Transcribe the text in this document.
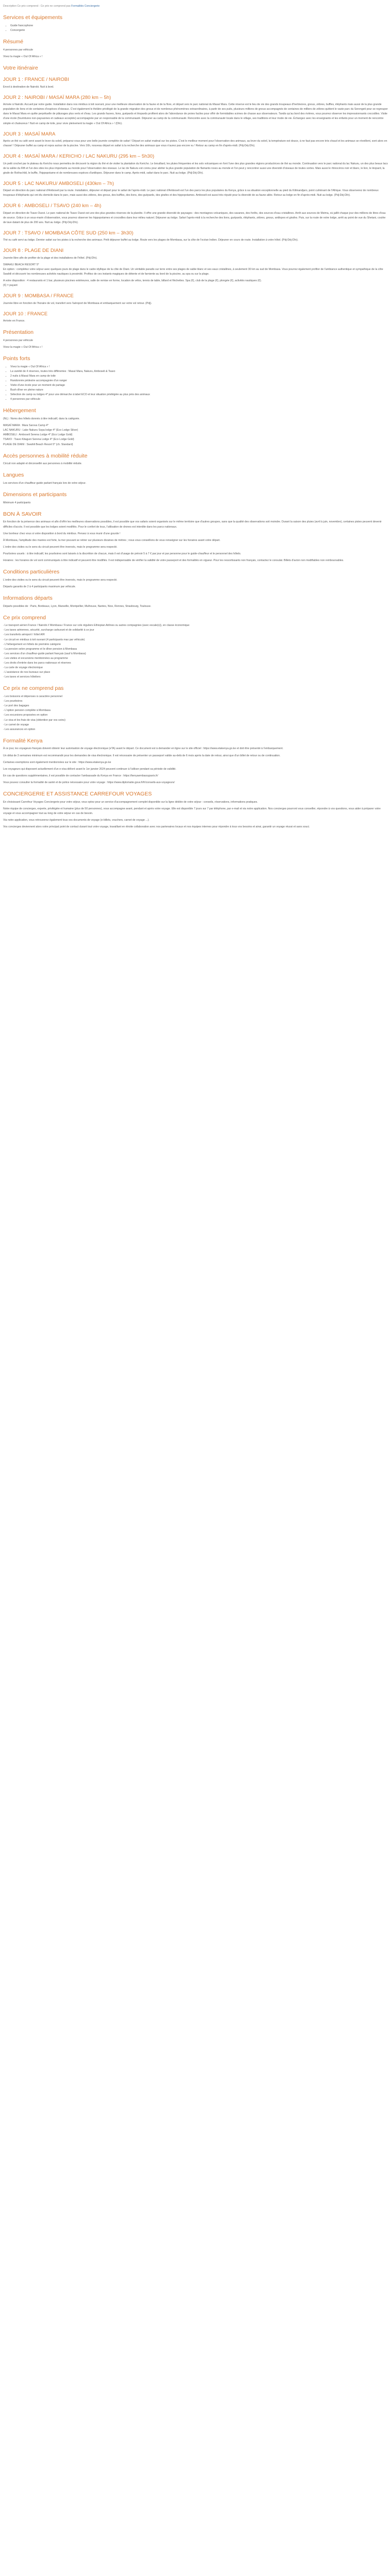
Description Ce prix comprend : Ce prix ne comprend pas Formalités Conciergerie
Services et équipements
• Guide francophone
• Concergerie
Résumé

4 personnes par véhicule

Vivez la magie « Out Of Africa » !

Votre itinéraire
JOUR 1 : FRANCE / NAIROBI

Envol à destination de Nairobi. Nuit à bord.

JOUR 2 : NAIROBI / MASAÏ MARA (280 km – 5h)

Arrivée à Nairobi. Accueil par notre guide. Installation dans nos minibus à toit ouvrant, pour une meilleure observation de la faune et de la flore, et départ vers le parc national du Masaï Mara. Cette réserve est le lieu de vie des grands troupeaux d'herbivores, gnous, zèbres, buffles, éléphants mais aussi de la plus grande population de lions et de centaines d'espèces d'oiseaux. C'est également le théâtre privilégié de la grande migration des gnous et de nombreux phénomènes extraordinaires, à partir de ses puits, plusieurs millions de gnous accompagnés de centaines de milliers de zèbres quittent le vaste parc du Serengeti pour se regrouper dans le Masaï Mara en quête perpétuelle de pâturages plus verts et d'eau. Les grands fauves, lions, guépards et léopards profitent alors de l'abondance de proies faciles pour offrir de formidables scènes de chasse aux observateurs. Tandis qu'au bord des rivières, vous pourrez observer les impressionnants crocodiles. Visite d'une école (fournitures non-paysannes et cadeaux acceptés) accompagnée par un responsable de la communauté. Déjeuner au camp de la communauté. Rencontre avec la communauté locale dans le village, ses traditions et leur mode de vie. Échangez avec les enseignants et les enfants pour un moment de rencontre simple et chaleureux ! Nuit en camp de toile, pour vivre pleinement la magie « Out Of Africa » ! (Dîn).

JOUR 3 : MASAÏ MARA

Après un thé ou café servi avant le lever du soleil, préparez-vous pour une belle journée complète de safari ! Départ en safari matinal sur les pistes. C'est le meilleur moment pour l'observation des animaux, au lever du soleil, la température est douce, à ne faut pas encore très chaud et les animaux se réveillent, sont alors en chasse! ! Déjeuner buffet au camp et repos autour de la piscine. Vers 16h, nouveau départ en safari à la recherche des animaux que vous n'aurez pas encore vu ! Retour au camp en fin d'après-midi. (Pdj-Déj-Dîn).

JOUR 4 : MASAÏ MARA / KERICHO / LAC NAKURU (295 km – 5h30)

Un petit crochet par le plateau du Kericho nous permettra de découvrir la région du thé et de visiter la plantation du Kericho. Le brouillard, les pluies fréquentes et les sols volcaniques en font l'une des plus grandes régions productrices de thé au monde. Continuation vers le parc national du lac Nakuru, un des plus beaux lacs de la vallée du Rift et l'un des sites les plus importants au monde pour l'observation des oiseaux. Le lac de Nakuru est connu pour abriter la plus grande population de flamants roses au monde et l'on peut y rencontrer aussi une diversité d'oiseaux de toutes sortes. Mais aussi le rhinocéros noir et blanc, le lion, le léopard, la girafe de Rothschild, le buffle, l'hippopotame et de nombreuses espèces d'antilopes. Déjeuner dans le camp. Après-midi, safari dans le parc. Nuit au lodge. (Pdj-Déj-Dîn).

JOUR 5 : LAC NAKURU/ AMBOSELI (430km – 7h)

Départ en direction du parc national d'Amboseli par la route. Installation, déjeuner et départ pour le safari de l'après-midi. Le parc national d'Amboseli est l'un des parcs les plus populaires du Kenya, grâce à sa situation exceptionnelle au pied du Kilimandjaro, point culminant de l'Afrique. Vous observerez de nombreux troupeaux d'éléphants qui ont élu domicile dans le parc, mais aussi des zèbres, des gnous, des buffles, des lions, des guépards, des girafes et des hippopotames. Amboseli est aussi très réputé pour la diversité de sa faune ailée. Retour au lodge en fin d'après-midi. Nuit au lodge. (Pdj-Déj-Dîn).

JOUR 6 : AMBOSELI / TSAVO (240 km – 4h)

Départ en direction de Tsavo Ouest. Le parc national de Tsavo Ouest est une des plus grandes réserves de la planète. Il offre une grande diversité de paysages : des montagnes volcaniques, des savanes, des forêts, des sources d'eau cristallines. Arrêt aux sources de Mzima, où jaillit chaque jour des millions de litres d'eau de source. Grâce à un sous-marin d'observation, vous pourrez observer les hippopotames et crocodiles dans leur milieu naturel. Déjeuner au lodge. Safari l'après-midi à la recherche des lions, guépards, éléphants, zèbres, gnous, antilopes et girafes. Puis, sur la route de votre lodge, arrêt au point de vue du Shetani, coulée de lave datant de plus de 200 ans. Nuit au lodge. (Pdj-Déj-Dîn).

JOUR 7 : TSAVO / MOMBASA CÔTE SUD (250 km – 3h30)

Thé ou café servi au lodge. Dernier safari sur les pistes à la recherche des animaux. Petit déjeuner buffet au lodge. Route vers les plages de Mombasa, sur la côte de l'océan Indien. Déjeuner en cours de route. Installation à votre hôtel. (Pdj-Déj-Dîn).

JOUR 8 : PLAGE DE DIANI

Journée libre afin de profiter de la plage et des installations de l'hôtel. (Pdj-Dîn).

SWAHILI BEACH RESORT 5*
En option : complétez votre séjour avec quelques jours de plage dans le cadre idyllique de la côte de Diani. Un véritable paradis sur terre entre ses plages de sable blanc et ses eaux cristallines, à seulement 30 km au sud de Mombasa. Vous pourrez également profiter de l'ambiance authentique et sympathique de la côte Swahili et découvrir les nombreuses activités nautiques à proximité. Profitez de ces instants magiques de détente et de farniente au bord de la piscine, au spa ou sur la plage.

A votre disposition : 4 restaurants et 1 bar, plusieurs piscines extérieures, salle de remise en forme, location de vélos, tennis de table, billard et fléchettes. Spa (€), club de la plage (€), plongée (€), activités nautiques (€).
(€) = payant

JOUR 9 : MOMBASA / FRANCE

Journée libre en fonction de l'horaire de vol, transfert vers l'aéroport de Mombasa et embarquement sur votre vol retour. (Pdj).

JOUR 10 : FRANCE

Arrivée en France.

Présentation

4 personnes par véhicule

Vivez la magie « Out Of Africa » !

Points forts
• Vivez la magie « Out Of Africa » !
• La variété de 4 réserves, toutes très différentes : Masaï Mara, Nakuru, Amboseli & Tsavo
• 2 nuits à Masaï Mara en camp de toile
• Randonnée pédestre accompagnée d'un ranger
• Visite d'une école pour un moment de partage
• Bush dîner en pleine nature
• Sélection de camp ou lodges 4* pour une démarche à label ECO et leur situation privilégiée au plus près des animaux
• 4 personnes par véhicule
Hébergement

(NL) : Noms des hôtels donnés à titre indicatif, dans la catégorie.

MASAÏ MARA : Mara Sarova Camp 4*

LAC NAKURU : Lake Nakuru Sopa lodge 4* (Eco Lodge Silver)

AMBOSELI : Amboseli Serena Lodge 4* (Eco Lodge Gold)

TSAVO : Tsavo Kitaguni Serena Lodge 4* (Eco Lodge Gold)

PLAGE DE DIANI : Swahili Beach Resort 5* (ch. Standard)

Accès personnes à mobilité réduite

Circuit non adapté et déconseillé aux personnes à mobilité réduite.

Langues

Les services d'un chauffeur-guide parlant français lors de votre séjour.

Dimensions et participants

Minimum 4 participants

BON À SAVOIR

En fonction de la présence des animaux et afin d'offrir les meilleures observations possibles, il est possible que vos safaris soient organisés sur le même territoire que d'autres groupes, sans que la qualité des observations soit moindre. Durant la saison des pluies (avril à juin, novembre), certaines pistes peuvent devenir difficiles d'accès. Il est possible que les lodges soient modifiés. Pour le confort de tous, l'utilisation de drones est interdite dans les parcs nationaux.

Une bonheur chez vous si votre disposition à bord du minibus. Pensez à vous munir d'une gourde !

À Mombasa, l'amplitude des marées est forte, la mer pouvant se retirer sur plusieurs dizaines de mètres ; nous vous conseillons de vous renseigner sur les horaires avant votre départ.

L'ordre des visites ou le sens du circuit peuvent être inversés, mais le programme sera respecté.

Pourboires usuels : à titre indicatif, les pourboires sont laissés à la discrétion de chacun, mais il est d'usage de prévoir 5 à 7 € par jour et par personne pour le guide-chauffeur et le personnel des hôtels.

Horaires : les horaires de vol sont communiqués à titre indicatif et peuvent être modifiés. Il est indispensable de vérifier la validité de votre passeport et des formalités en vigueur. Pour les ressortissants non français, contactez le consulat. Billets d'avion non modifiables non remboursables.

Conditions particulières

L'ordre des visites ou le sens du circuit peuvent être inversés, mais le programme sera respecté.

Départs garantis de 2 à 4 participants maximum par véhicule.

Informations départs

Départs possibles de : Paris, Bordeaux, Lyon, Marseille, Montpellier, Mulhouse, Nantes, Nice, Rennes, Strasbourg, Toulouse.

Ce prix comprend

- Le transport aérien France / Nairobi // Mombasa / France sur vols réguliers Ethiopian Airlines ou autres compagnies (avec escale(s)), en classe économique

- Les taxes aériennes, sécurité, surcharge carburant et de solidarité à ce jour

- Les transferts aéroport / hôtel A/R

- Le circuit en minibus à toit ouvrant (4 participants max par véhicule)

- L'hébergement en hôtels de première catégorie

- La pension selon programme et le dîner pension à Mombasa

- Les services d'un chauffeur-guide parlant français (sauf à Mombasa)

- Les visites et excursions mentionnées au programme

- Les droits d'entrée dans les parcs nationaux et réserves

- La carte de voyage électronique

- L'assistance de nos bureaux sur place

- Les taxes et services hôteliers

Ce prix ne comprend pas

- Les boissons et dépenses à caractère personnel

- Les pourboires

- Le port des bagages

- L'option pension complète à Mombasa

- Les excursions proposées en option

- Le visa et les frais de visa (obtention par vos soins)

- Le carnet de voyage

- Les assurances en option

Formalité Kenya

À ce jour, les voyageurs français doivent obtenir leur autorisation de voyage électronique (eTA) avant le départ. Ce document est à demander en ligne sur le site officiel : https://www.etakenya.go.ke et doit être présenté à l'embarquement.

Un délai de 3 semaines minimum est recommandé pour les demandes de visa électronique. Il est nécessaire de présenter un passeport valide au-delà de 6 mois après la date de retour, ainsi que d'un billet de retour ou de continuation.

Certaines exemptions sont également mentionnées sur le site : https://www.etakenya.go.ke

Les voyageurs qui disposent actuellement d'un e-visa délivré avant le 1er janvier 2024 peuvent continuer à l'utiliser pendant sa période de validité.

En cas de questions supplémentaires, il est possible de contacter l'ambassade du Kenya en France : https://kenyaembassyparis.fr/

Vous pouvez consulter la formalité de santé et de police nécessaire pour votre voyage : https://www.diplomatie.gouv.fr/fr/conseils-aux-voyageurs/

CONCIERGERIE ET ASSISTANCE CARREFOUR VOYAGES

En choisissant Carrefour Voyages Conciergerie pour votre séjour, vous optez pour un service d'accompagnement complet disponible sur la ligne dédiée de votre séjour : conseils, réservations, informations pratiques.

Notre équipe de concierges, experte, privilégiée et humaine (plus de 50 personnes), vous accompagne avant, pendant et après votre voyage. Elle est disponible 7 jours sur 7 par téléphone, par e-mail et via notre application. Nos concierges pourront vous conseiller, répondre à vos questions, vous aider à préparer votre voyage et vous accompagner tout au long de votre séjour en cas de besoin.

Via notre application, vous retrouverez également tous vos documents de voyage (e-billets, vouchers, carnet de voyage ...).

Vos concierges deviennent alors votre principal point de contact durant tout votre voyage, travaillant en étroite collaboration avec nos partenaires locaux et nos équipes internes pour répondre à tous vos besoins et ainsi, garantir un voyage réussi et sans souci.
